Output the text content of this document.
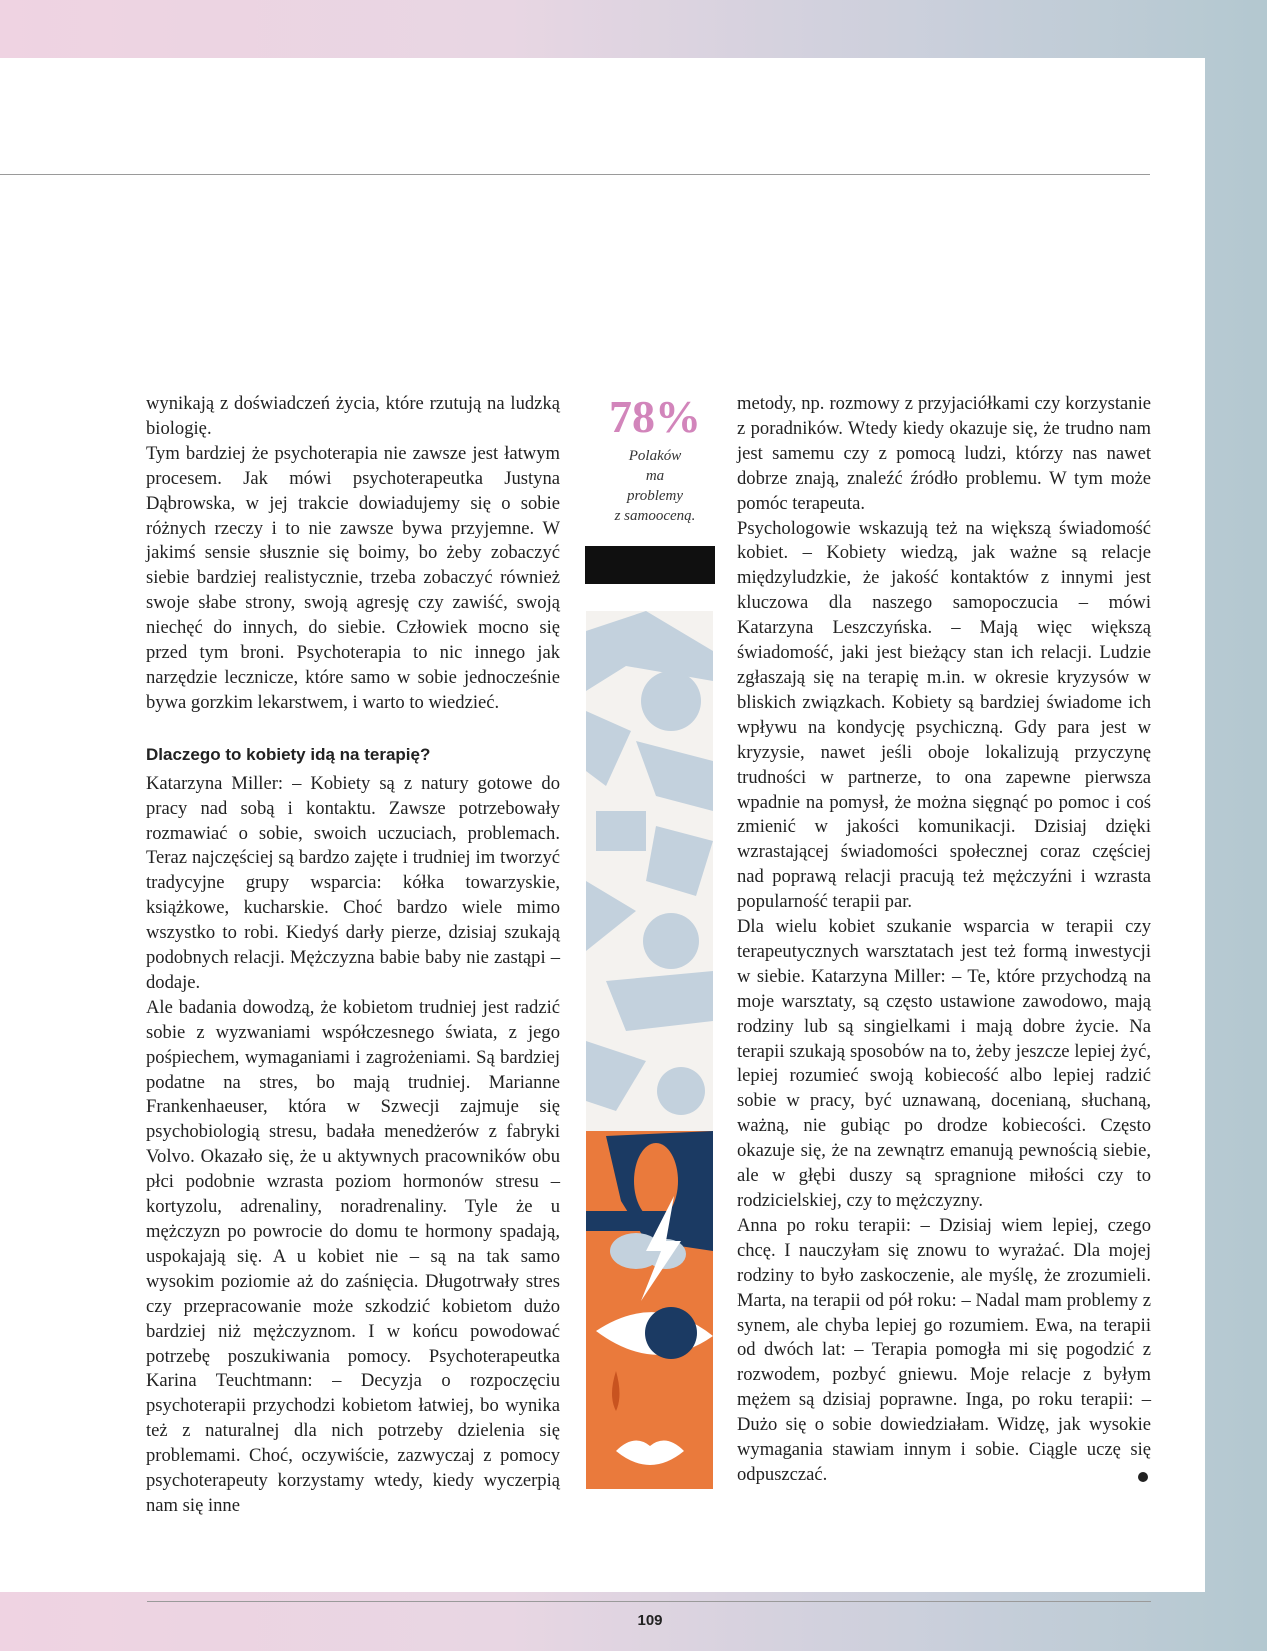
wynikają z doświadczeń życia, które rzutują na ludzką biologię.

Tym bardziej że psychoterapia nie zawsze jest łatwym procesem. Jak mówi psychoterapeutka Justyna Dąbrowska, w jej trakcie dowiadujemy się o sobie różnych rzeczy i to nie zawsze bywa przyjemne. W jakimś sensie słusznie się boimy, bo żeby zobaczyć siebie bardziej realistycznie, trzeba zobaczyć również swoje słabe strony, swoją agresję czy zawiść, swoją niechęć do innych, do siebie. Człowiek mocno się przed tym broni. Psychoterapia to nic innego jak narzędzie lecznicze, które samo w sobie jednocześnie bywa gorzkim lekarstwem, i warto to wiedzieć.

Dlaczego to kobiety idą na terapię?

Katarzyna Miller: – Kobiety są z natury gotowe do pracy nad sobą i kontaktu. Zawsze potrzebowały rozmawiać o sobie, swoich uczuciach, problemach. Teraz najczęściej są bardzo zajęte i trudniej im tworzyć tradycyjne grupy wsparcia: kółka towarzyskie, książkowe, kucharskie. Choć bardzo wiele mimo wszystko to robi. Kiedyś darły pierze, dzisiaj szukają podobnych relacji. Mężczyzna babie baby nie zastąpi – dodaje.

Ale badania dowodzą, że kobietom trudniej jest radzić sobie z wyzwaniami współczesnego świata, z jego pośpiechem, wymaganiami i zagrożeniami. Są bardziej podatne na stres, bo mają trudniej. Marianne Frankenhaeuser, która w Szwecji zajmuje się psychobiologią stresu, badała menedżerów z fabryki Volvo. Okazało się, że u aktywnych pracowników obu płci podobnie wzrasta poziom hormonów stresu – kortyzolu, adrenaliny, noradrenaliny. Tyle że u mężczyzn po powrocie do domu te hormony spadają, uspokajają się. A u kobiet nie – są na tak samo wysokim poziomie aż do zaśnięcia. Długotrwały stres czy przepracowanie może szkodzić kobietom dużo bardziej niż mężczyznom. I w końcu powodować potrzebę poszukiwania pomocy. Psychoterapeutka Karina Teuchtmann: – Decyzja o rozpoczęciu psychoterapii przychodzi kobietom łatwiej, bo wynika też z naturalnej dla nich potrzeby dzielenia się problemami. Choć, oczywiście, zazwyczaj z pomocy psychoterapeuty korzystamy wtedy, kiedy wyczerpią nam się inne

78%
Polaków
ma
problemy
z samooceną.

metody, np. rozmowy z przyjaciółkami czy korzystanie z poradników. Wtedy kiedy okazuje się, że trudno nam jest samemu czy z pomocą ludzi, którzy nas nawet dobrze znają, znaleźć źródło problemu. W tym może pomóc terapeuta.

Psychologowie wskazują też na większą świadomość kobiet. – Kobiety wiedzą, jak ważne są relacje międzyludzkie, że jakość kontaktów z innymi jest kluczowa dla naszego samopoczucia – mówi Katarzyna Leszczyńska. – Mają więc większą świadomość, jaki jest bieżący stan ich relacji. Ludzie zgłaszają się na terapię m.in. w okresie kryzysów w bliskich związkach. Kobiety są bardziej świadome ich wpływu na kondycję psychiczną. Gdy para jest w kryzysie, nawet jeśli oboje lokalizują przyczynę trudności w partnerze, to ona zapewne pierwsza wpadnie na pomysł, że można sięgnąć po pomoc i coś zmienić w jakości komunikacji. Dzisiaj dzięki wzrastającej świadomości społecznej coraz częściej nad poprawą relacji pracują też mężczyźni i wzrasta popularność terapii par.

Dla wielu kobiet szukanie wsparcia w terapii czy terapeutycznych warsztatach jest też formą inwestycji w siebie. Katarzyna Miller: – Te, które przychodzą na moje warsztaty, są często ustawione zawodowo, mają rodziny lub są singielkami i mają dobre życie. Na terapii szukają sposobów na to, żeby jeszcze lepiej żyć, lepiej rozumieć swoją kobiecość albo lepiej radzić sobie w pracy, być uznawaną, docenianą, słuchaną, ważną, nie gubiąc po drodze kobiecości. Często okazuje się, że na zewnątrz emanują pewnością siebie, ale w głębi duszy są spragnione miłości czy to rodzicielskiej, czy to mężczyzny.

Anna po roku terapii: – Dzisiaj wiem lepiej, czego chcę. I nauczyłam się znowu to wyrażać. Dla mojej rodziny to było zaskoczenie, ale myślę, że zrozumieli. Marta, na terapii od pół roku: – Nadal mam problemy z synem, ale chyba lepiej go rozumiem. Ewa, na terapii od dwóch lat: – Terapia pomogła mi się pogodzić z rozwodem, pozbyć gniewu. Moje relacje z byłym mężem są dzisiaj poprawne. Inga, po roku terapii: – Dużo się o sobie dowiedziałam. Widzę, jak wysokie wymagania stawiam innym i sobie. Ciągle uczę się odpuszczać.

109
